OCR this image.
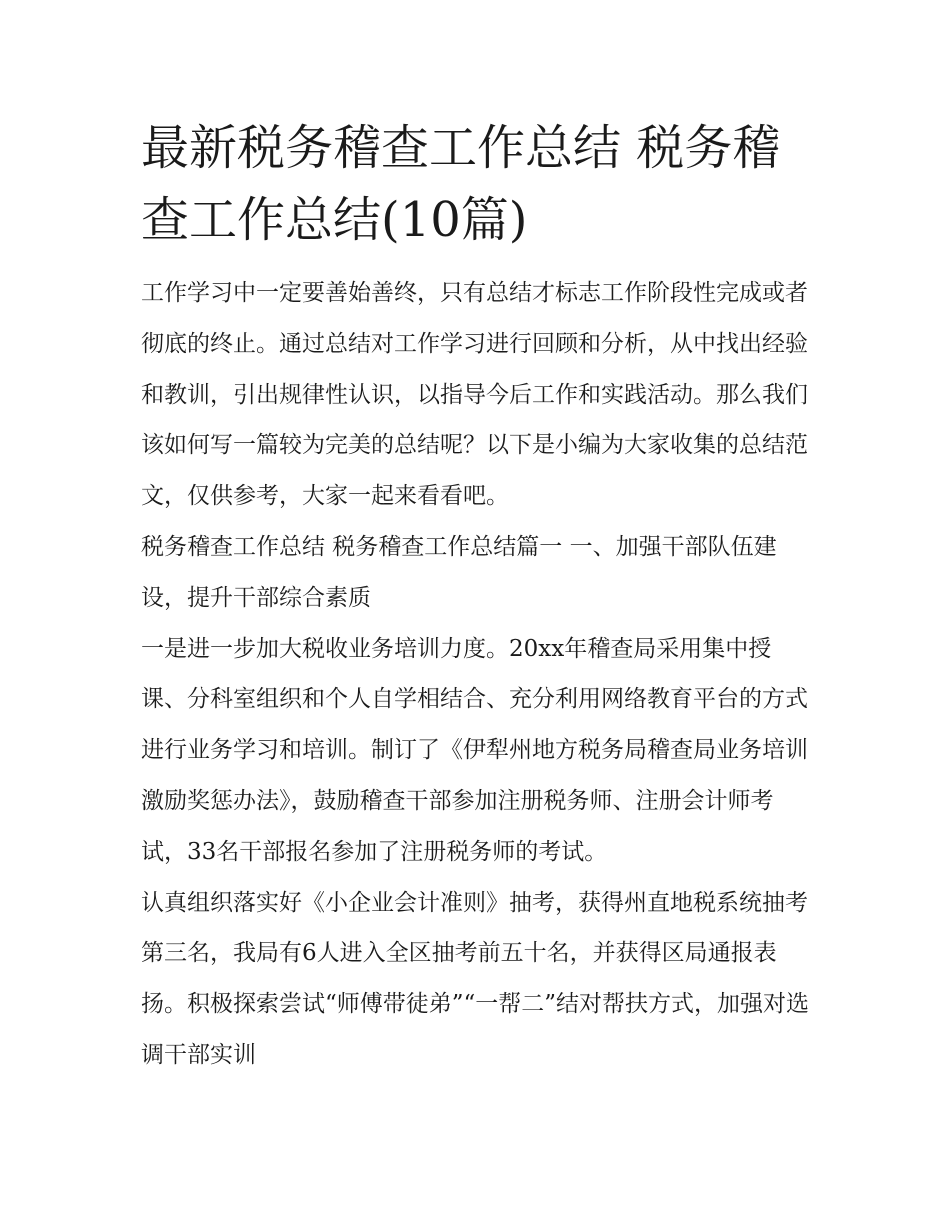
最新税务稽查工作总结 税务稽查工作总结(10篇)

工作学习中一定要善始善终，只有总结才标志工作阶段性完成或者彻底的终止。通过总结对工作学习进行回顾和分析，从中找出经验和教训，引出规律性认识，以指导今后工作和实践活动。那么我们该如何写一篇较为完美的总结呢？以下是小编为大家收集的总结范文，仅供参考，大家一起来看看吧。

税务稽查工作总结 税务稽查工作总结篇一 一、加强干部队伍建设，提升干部综合素质

一是进一步加大税收业务培训力度。20xx年稽查局采用集中授课、分科室组织和个人自学相结合、充分利用网络教育平台的方式进行业务学习和培训。制订了《伊犁州地方税务局稽查局业务培训激励奖惩办法》，鼓励稽查干部参加注册税务师、注册会计师考试，33名干部报名参加了注册税务师的考试。

认真组织落实好《小企业会计准则》抽考，获得州直地税系统抽考第三名，我局有6人进入全区抽考前五十名，并获得区局通报表扬。积极探索尝试“师傅带徒弟”“一帮二”结对帮扶方式，加强对选调干部实训
